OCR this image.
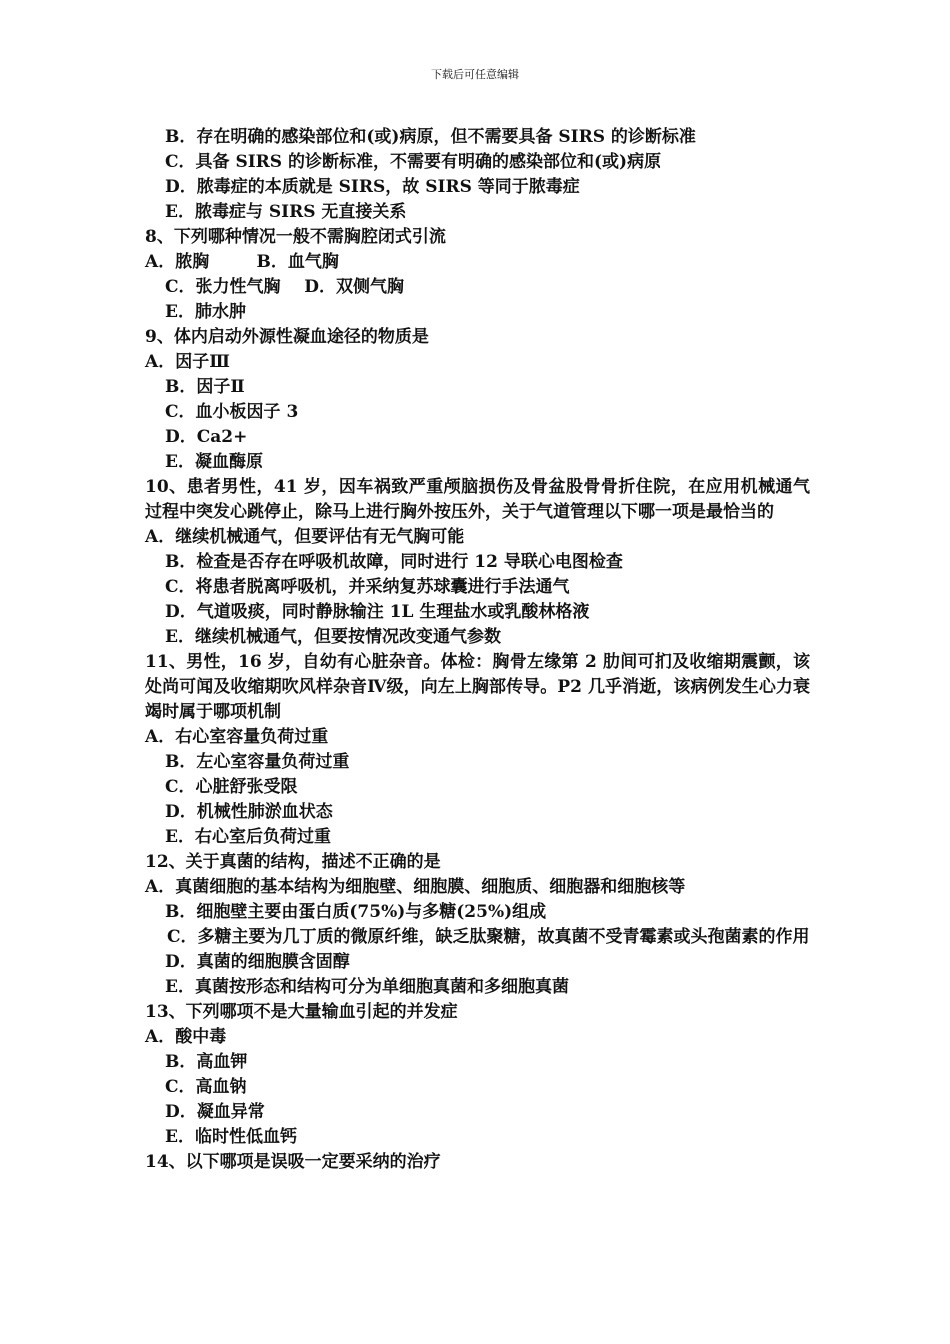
下载后可任意编辑
B．存在明确的感染部位和(或)病原，但不需要具备 SIRS 的诊断标准
C．具备 SIRS 的诊断标准，不需要有明确的感染部位和(或)病原
D．脓毒症的本质就是 SIRS，故 SIRS 等同于脓毒症
E．脓毒症与 SIRS 无直接关系
8、下列哪种情况一般不需胸腔闭式引流
A．脓胸        B．血气胸
C．张力性气胸    D．双侧气胸
E．肺水肿
9、体内启动外源性凝血途径的物质是
A．因子Ⅲ
B．因子Ⅱ
C．血小板因子 3
D．Ca2+
E．凝血酶原
10、患者男性，41 岁，因车祸致严重颅脑损伤及骨盆股骨骨折住院，在应用机械通气过程中突发心跳停止，除马上进行胸外按压外，关于气道管理以下哪一项是最恰当的
A．继续机械通气，但要评估有无气胸可能
B．检查是否存在呼吸机故障，同时进行 12 导联心电图检查
C．将患者脱离呼吸机，并采纳复苏球囊进行手法通气
D．气道吸痰，同时静脉输注 1L 生理盐水或乳酸林格液
E．继续机械通气，但要按情况改变通气参数
11、男性，16 岁，自幼有心脏杂音。体检：胸骨左缘第 2 肋间可扪及收缩期震颤，该处尚可闻及收缩期吹风样杂音Ⅳ级，向左上胸部传导。P2 几乎消逝，该病例发生心力衰竭时属于哪项机制
A．右心室容量负荷过重
B．左心室容量负荷过重
C．心脏舒张受限
D．机械性肺淤血状态
E．右心室后负荷过重
12、关于真菌的结构，描述不正确的是
A．真菌细胞的基本结构为细胞壁、细胞膜、细胞质、细胞器和细胞核等
B．细胞壁主要由蛋白质(75%)与多糖(25%)组成
C．多糖主要为几丁质的微原纤维，缺乏肽聚糖，故真菌不受青霉素或头孢菌素的作用
D．真菌的细胞膜含固醇
E．真菌按形态和结构可分为单细胞真菌和多细胞真菌
13、下列哪项不是大量输血引起的并发症
A．酸中毒
B．高血钾
C．高血钠
D．凝血异常
E．临时性低血钙
14、以下哪项是误吸一定要采纳的治疗
